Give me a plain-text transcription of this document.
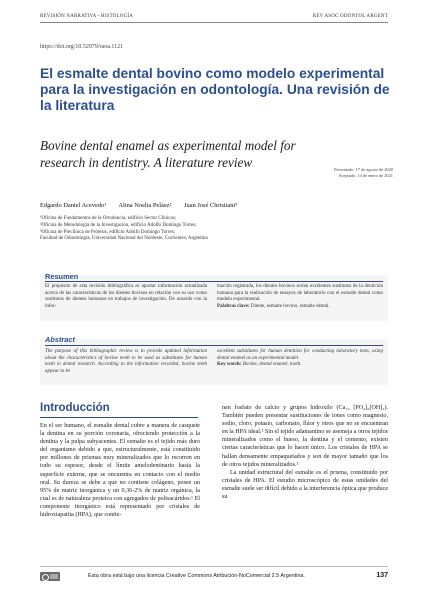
REVISIÓN NARRATIVA - HISTOLOGÍA	REV ASOC ODONTOL ARGENT
https://doi.org/10.52979/raoa.1121
El esmalte dental bovino como modelo experimental para la investigación en odontología. Una revisión de la literatura
Bovine dental enamel as experimental model for research in dentistry. A literature review	Presentado: 17 de agosto de 2020
Aceptado: 14 de enero de 2021
Edgardo Daniel Acevedo¹ Alina Noelia Peláez² Juan José Christiani³
¹Oficina de Fundamentos de la Ortodoncia, edificio Sector Clínicas;
²Oficina de Metodología de la Investigación, edificio Adolfo Domingo Torres;
³Oficina de Preclínica de Prótesis, edificio Adolfo Domingo Torres;
Facultad de Odontología, Universidad Nacional del Nordeste, Corrientes, Argentina
Resumen
El propósito de esta revisión bibliográfica es aportar información actualizada acerca de las características de los dientes bovinos en relación con su uso como sustitutos de dientes humanos en trabajos de investigación. De acuerdo con la infor-
mación registrada, los dientes bovinos serían excelentes sustitutos de la dentición humana para la realización de ensayos de laboratorio con el esmalte dental como modelo experimental.
Palabras clave: Diente, esmalte bovino, esmalte dental.
Abstract
The purpose of this bibliographic review is to provide updated information about the characteristics of bovine teeth to be used as substitutes for human teeth in dental research. According to the information recorded, bovine teeth appear to be
excellent substitutes for human dentition for conducting laboratory tests, using dental enamel as an experimental model.
Key words: Bovine, dental enamel, tooth.
Introducción
En el ser humano, el esmalte dental cubre a manera de casquete la dentina en su porción coronaria, ofreciendo protección a la dentina y la pulpa subyacentes. El esmalte es el tejido más duro del organismo debido a que, estructuralmente, está constituido por millones de prismas muy mineralizados que lo recorren en todo su espesor, desde el límite amelodentinario hasta la superficie externa, que se encuentra en contacto con el medio oral. Su dureza se debe a que no contiene colágeno, posee un 95% de matriz inorgánica y un 0,36-2% de matriz orgánica, la cual es de naturaleza proteica con agregados de polisacáridos.¹ El componente inorgánico está representado por cristales de hidroxiapatita (HPA), que contie-
nen fosfato de calcio y grupos hidroxilo (Ca₁₀ [PO₄]₆[OH]₂). También pueden presentar sustituciones de iones como magnesio, sodio, cloro, potasio, carbonato, flúor y otros que no se encuentran en la HPA ideal.² Sin el tejido adamantino se asemeja a otros tejidos mineralizados como el hueso, la dentina y el cemento, existen ciertas características que lo hacen único. Los cristales de HPA se hallan densamente empaquetados y son de mayor tamaño que los de otros tejidos mineralizados.³
La unidad estructural del esmalte es el prisma, constituido por cristales de HPA. El estudio microscópico de estas unidades del esmalte suele ser difícil debido a la interferencia óptica que produce su
Esta obra está bajo una licencia Creative Commons Atribución-NoComercial 2.5 Argentina.	137
